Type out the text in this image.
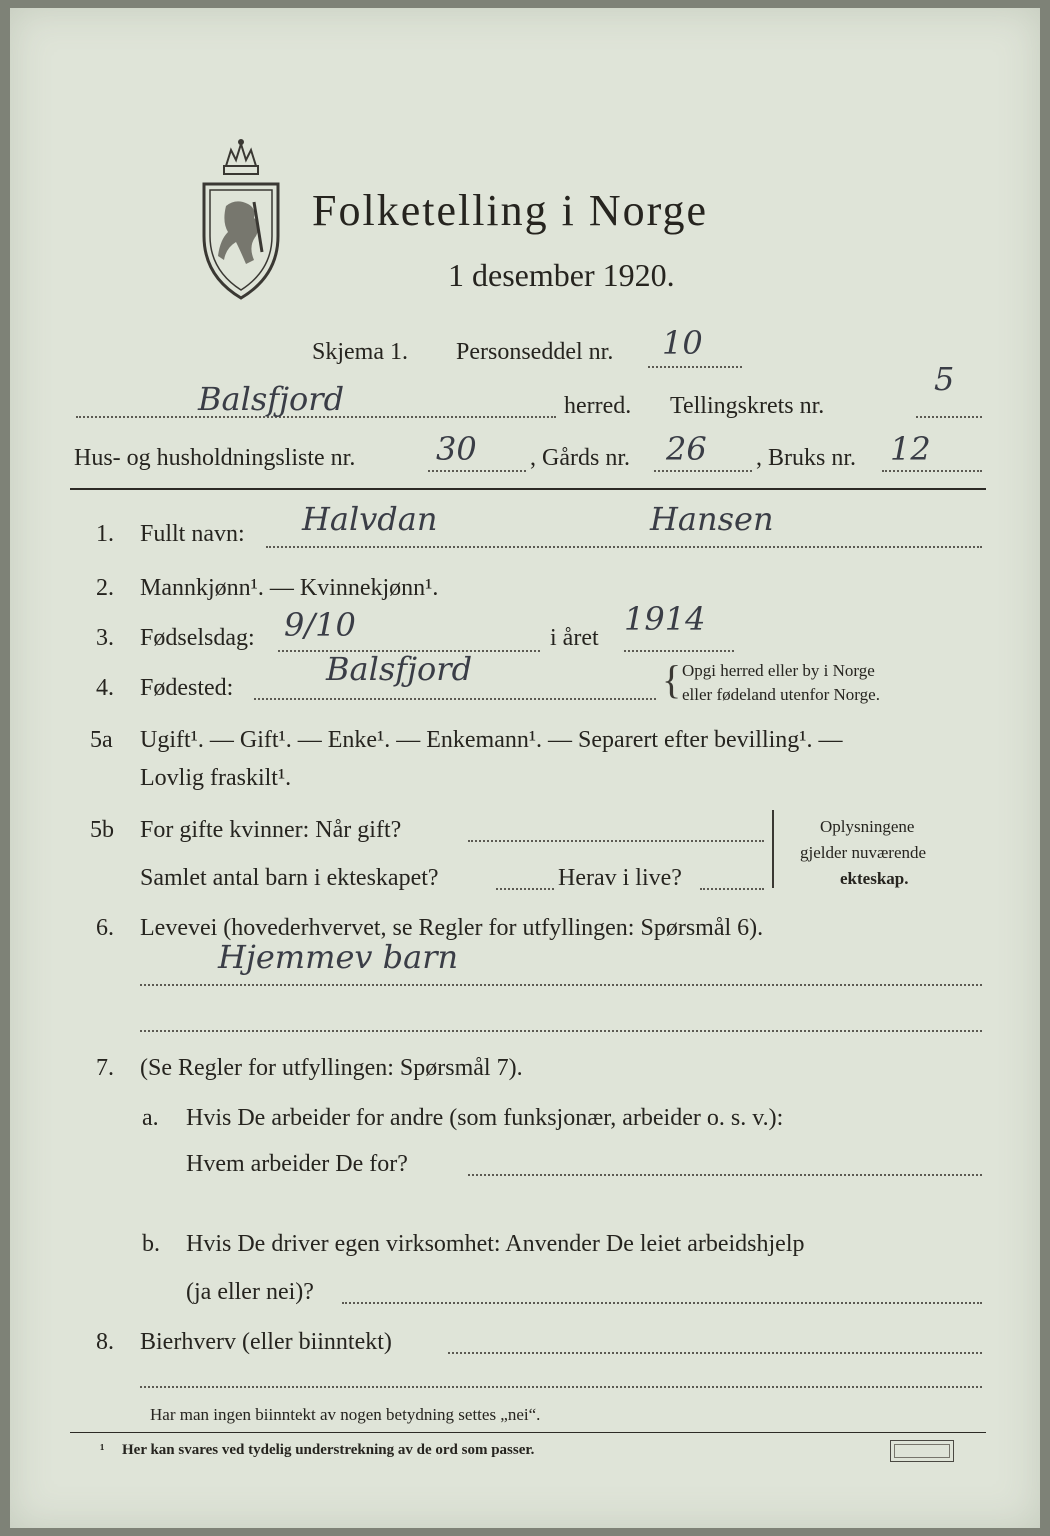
Folketelling i Norge
1 desember 1920.
Skjema 1. Personseddel nr. 10
Balsfjord	herred. Tellingskrets nr.
5
Hus- og husholdningsliste nr.	30 , Gårds nr. 26 , Bruks nr. 12
1. Fullt navn: Halvdan	Hansen
2. Mannkjønn¹. — Kvinnekjønn¹.
3. Fødselsdag: 9/10	i året 1914
4. Fødested:	Balsfjord	{ Opgi herred eller by i Norge
eller fødeland utenfor Norge.
5a Ugift¹. — Gift¹. — Enke¹. — Enkemann¹. — Separert efter bevilling¹. —
Lovlig fraskilt¹.
5b For gifte kvinner: Når gift?
Samlet antal barn i ekteskapet?	Herav i live?
Oplysningene
gjelder nuværende
ekteskap.
6. Levevei (hovederhvervet, se Regler for utfyllingen: Spørsmål 6).
Hjemmev barn
7. (Se Regler for utfyllingen: Spørsmål 7).
a. Hvis De arbeider for andre (som funksjonær, arbeider o. s. v.):
Hvem arbeider De for?
b. Hvis De driver egen virksomhet: Anvender De leiet arbeidshjelp
(ja eller nei)?
8. Bierhverv (eller biinntekt)
Har man ingen biinntekt av nogen betydning settes „nei“.
¹ Her kan svares ved tydelig understrekning av de ord som passer.
